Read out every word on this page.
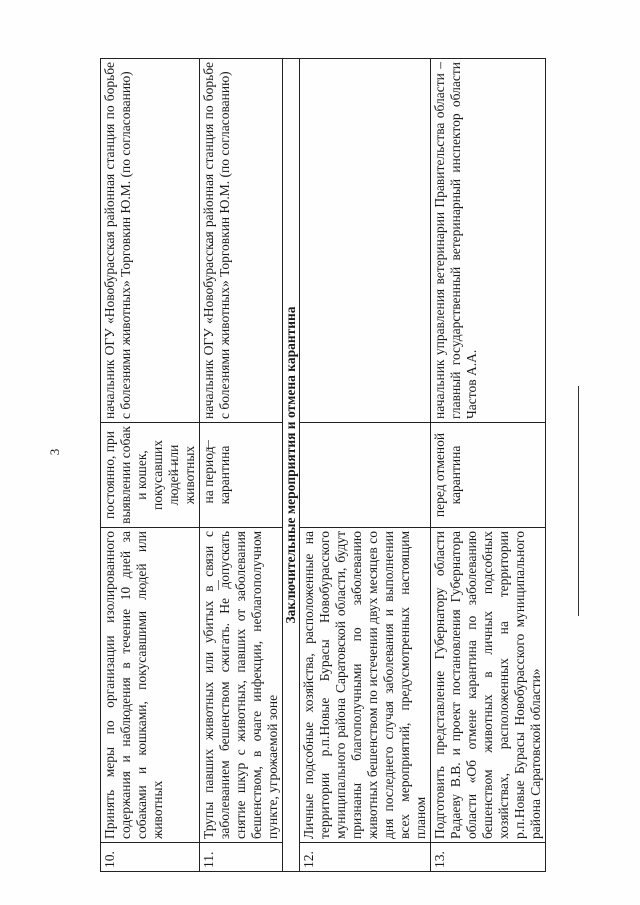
3
10.	Принять меры по организации изолированного содержания и наблюдения в течение 10 дней за собаками и кошками, покусавшими людей или животных	постоянно, при выявлении собак и кошек, покусавших людей или животных	начальник ОГУ «Новобурасская районная станция по борьбе с болезнями животных» Торговкин Ю.М. (по согласованию)
11.	Трупы павших животных или убитых в связи с заболеванием бешенством сжигать. Не допускать снятие шкур с животных, павших от заболевания бешенством, в очаге инфекции, неблагополучном пункте, угрожаемой зоне	на период карантина	начальник ОГУ «Новобурасская районная станция по борьбе с болезнями животных» Торговкин Ю.М. (по согласованию)
Заключительные мероприятия и отмена карантина			
12.	Личные подсобные хозяйства, расположенные на территории р.п.Новые Бурасы Новобурасского муниципального района Саратовской области, будут признаны благополучными по заболеванию животных бешенством по истечении двух месяцев со дня последнего случая заболевания и выполнении всех мероприятий, предусмотренных настоящим планом		
13.	Подготовить представление Губернатору области Радаеву В.В. и проект постановления Губернатора области «Об отмене карантина по заболеванию бешенством животных в личных подсобных хозяйствах, расположенных на территории р.п.Новые Бурасы Новобурасского муниципального района Саратовской области»	перед отменой карантина	начальник управления ветеринарии Правительства области – главный государственный ветеринарный инспектор области Частов А.А.
